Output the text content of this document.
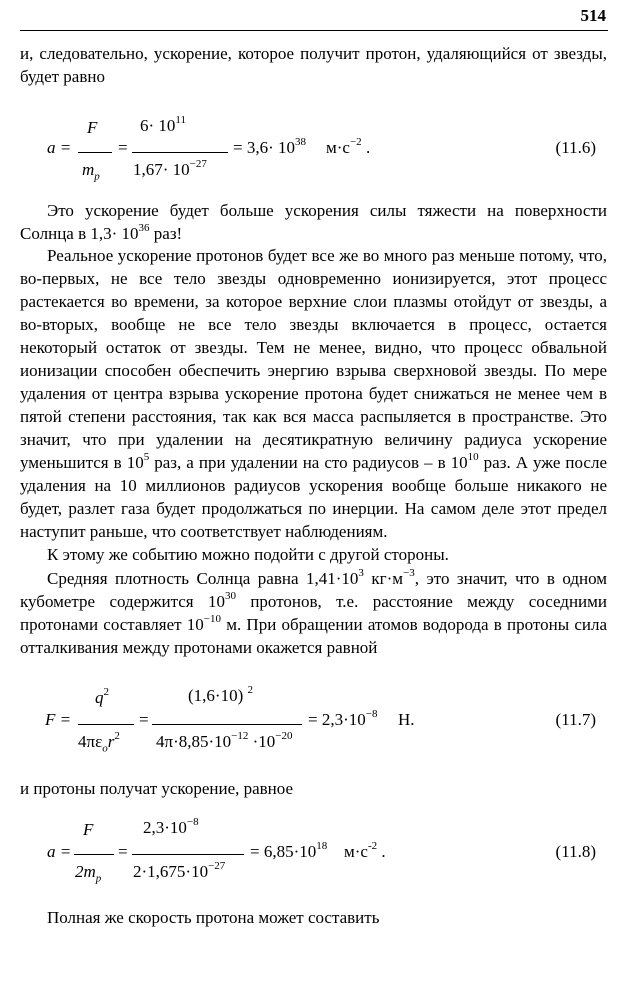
514

и, следовательно, ускорение, которое получит протон, удаляющийся от звезды, будет равно

a =
F
$m_p$
=
$6\cdot 10^{11}$
$1,67\cdot 10^{-27}$
= $3,6\cdot 10^{38}$ $м\cdot с^{-2}$ .	(11.6)

Это ускорение будет больше ускорения силы тяжести на поверхности Солнца в $1,3\cdot 10^{36}$ раз!

Реальное ускорение протонов будет все же во много раз меньше потому, что, во-первых, не все тело звезды одновременно ионизируется, этот процесс растекается во времени, за которое верхние слои плазмы отойдут от звезды, а во-вторых, вообще не все тело звезды включается в процесс, остается некоторый остаток от звезды. Тем не менее, видно, что процесс обвальной ионизации способен обеспечить энергию взрыва сверхновой звезды. По мере удаления от центра взрыва ускорение протона будет снижаться не менее чем в пятой степени расстояния, так как вся масса распыляется в пространстве. Это значит, что при удалении на десятикратную величину радиуса ускорение уменьшится в $10^5$ раз, а при удалении на сто радиусов – в $10^{10}$ раз. А уже после удаления на 10 миллионов радиусов ускорения вообще больше никакого не будет, разлет газа будет продолжаться по инерции. На самом деле этот предел наступит раньше, что соответствует наблюдениям.

К этому же событию можно подойти с другой стороны.

Средняя плотность Солнца равна $1,41\cdot 10^3$ $кг\cdot м^{-3}$, это значит, что в одном кубометре содержится $10^{30}$ протонов, т.е. расстояние между соседними протонами составляет $10^{-10}$ м. При обращении атомов водорода в протоны сила отталкивания между протонами окажется равной

F =
$q^2$
$4\pi\varepsilon_or^2$
=
(1,6·10) $^2$
$4\pi\cdot 8,85\cdot 10^{-12} \cdot 10^{-20}$
= $2,3\cdot 10^{-8}$ Н.	(11.7)

и протоны получат ускорение, равное

a =
F
$2m_p$
=
$2,3\cdot 10^{-8}$
$2\cdot 1,675\cdot 10^{-27}$
= $6,85\cdot 10^{18}$ $м\cdot с^{-2}$ .	(11.8)

Полная же скорость протона может составить
